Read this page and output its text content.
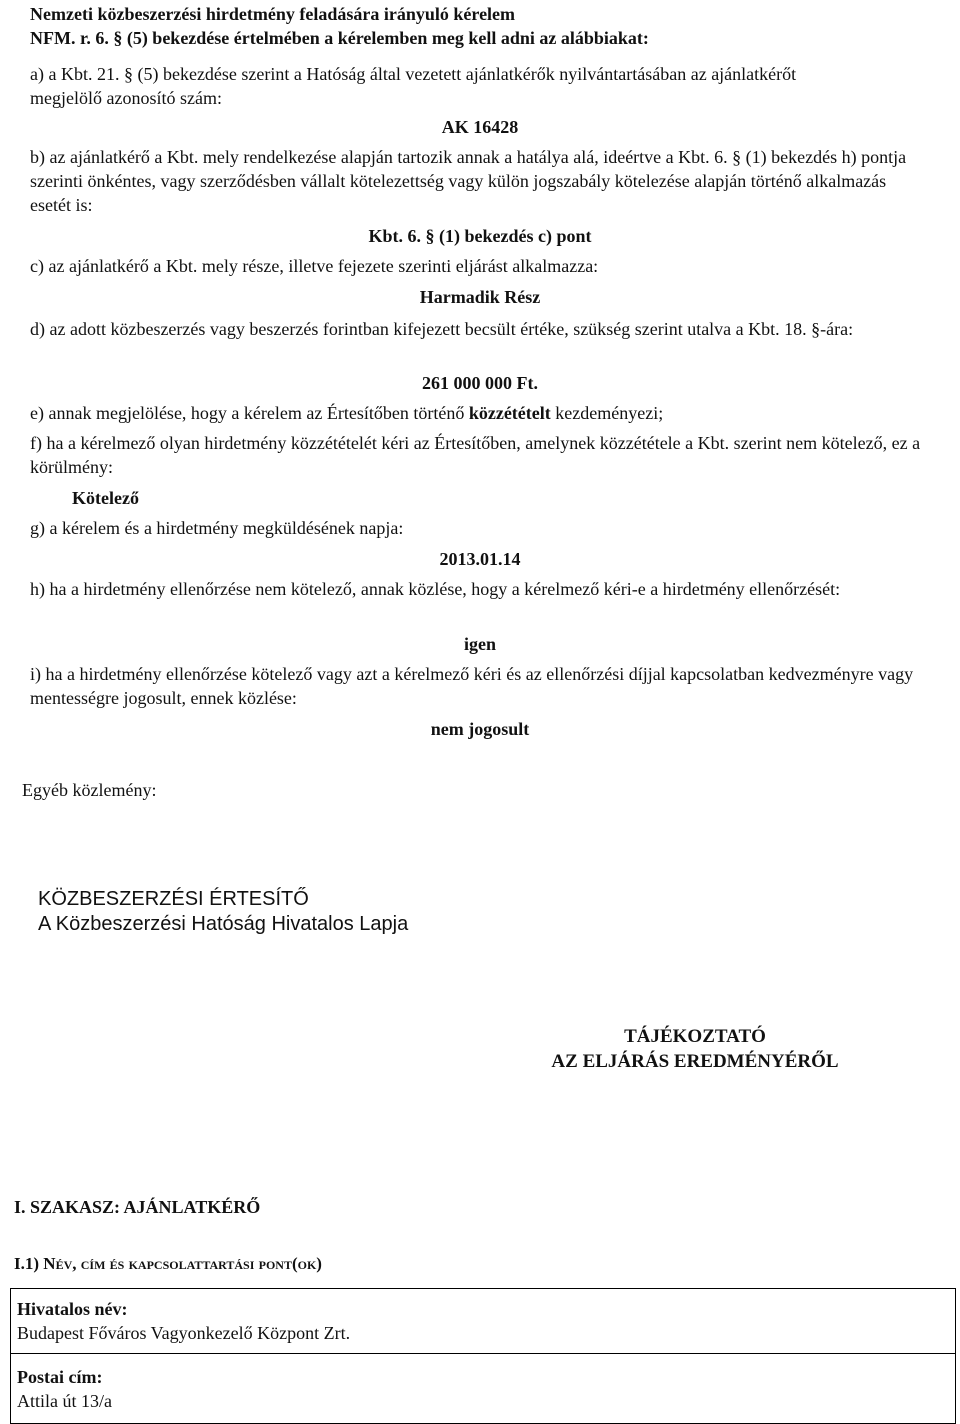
Nemzeti közbeszerzési hirdetmény feladására irányuló kérelem
NFM. r. 6. § (5) bekezdése értelmében a kérelemben meg kell adni az alábbiakat:
a) a Kbt. 21. § (5) bekezdése szerint a Hatóság által vezetett ajánlatkérők nyilvántartásában az ajánlatkérőt
megjelölő azonosító szám:
AK 16428
b) az ajánlatkérő a Kbt. mely rendelkezése alapján tartozik annak a hatálya alá, ideértve a Kbt. 6. § (1) bekezdés h) pontja szerinti önkéntes, vagy szerződésben vállalt kötelezettség vagy külön jogszabály kötelezése alapján történő alkalmazás esetét is:
Kbt. 6. § (1) bekezdés c) pont
c) az ajánlatkérő a Kbt. mely része, illetve fejezete szerinti eljárást alkalmazza:
Harmadik Rész
d) az adott közbeszerzés vagy beszerzés forintban kifejezett becsült értéke, szükség szerint utalva a Kbt. 18. §-ára:
261 000 000 Ft.
e) annak megjelölése, hogy a kérelem az Értesítőben történő közzétételt kezdeményezi;
f) ha a kérelmező olyan hirdetmény közzétételét kéri az Értesítőben, amelynek közzététele a Kbt. szerint nem kötelező, ez a körülmény:
Kötelező
g) a kérelem és a hirdetmény megküldésének napja:
2013.01.14
h) ha a hirdetmény ellenőrzése nem kötelező, annak közlése, hogy a kérelmező kéri-e a hirdetmény ellenőrzését:
igen
i) ha a hirdetmény ellenőrzése kötelező vagy azt a kérelmező kéri és az ellenőrzési díjjal kapcsolatban kedvezményre vagy mentességre jogosult, ennek közlése:
nem jogosult
Egyéb közlemény:
KÖZBESZERZÉSI ÉRTESÍTŐ
A Közbeszerzési Hatóság Hivatalos Lapja
TÁJÉKOZTATÓ
AZ ELJÁRÁS EREDMÉNYÉRŐL
I. SZAKASZ: AJÁNLATKÉRŐ
I.1) Név, cím és kapcsolattartási pont(ok)
Hivatalos név:
Budapest Főváros Vagyonkezelő Központ Zrt.
Postai cím:
Attila út 13/a
